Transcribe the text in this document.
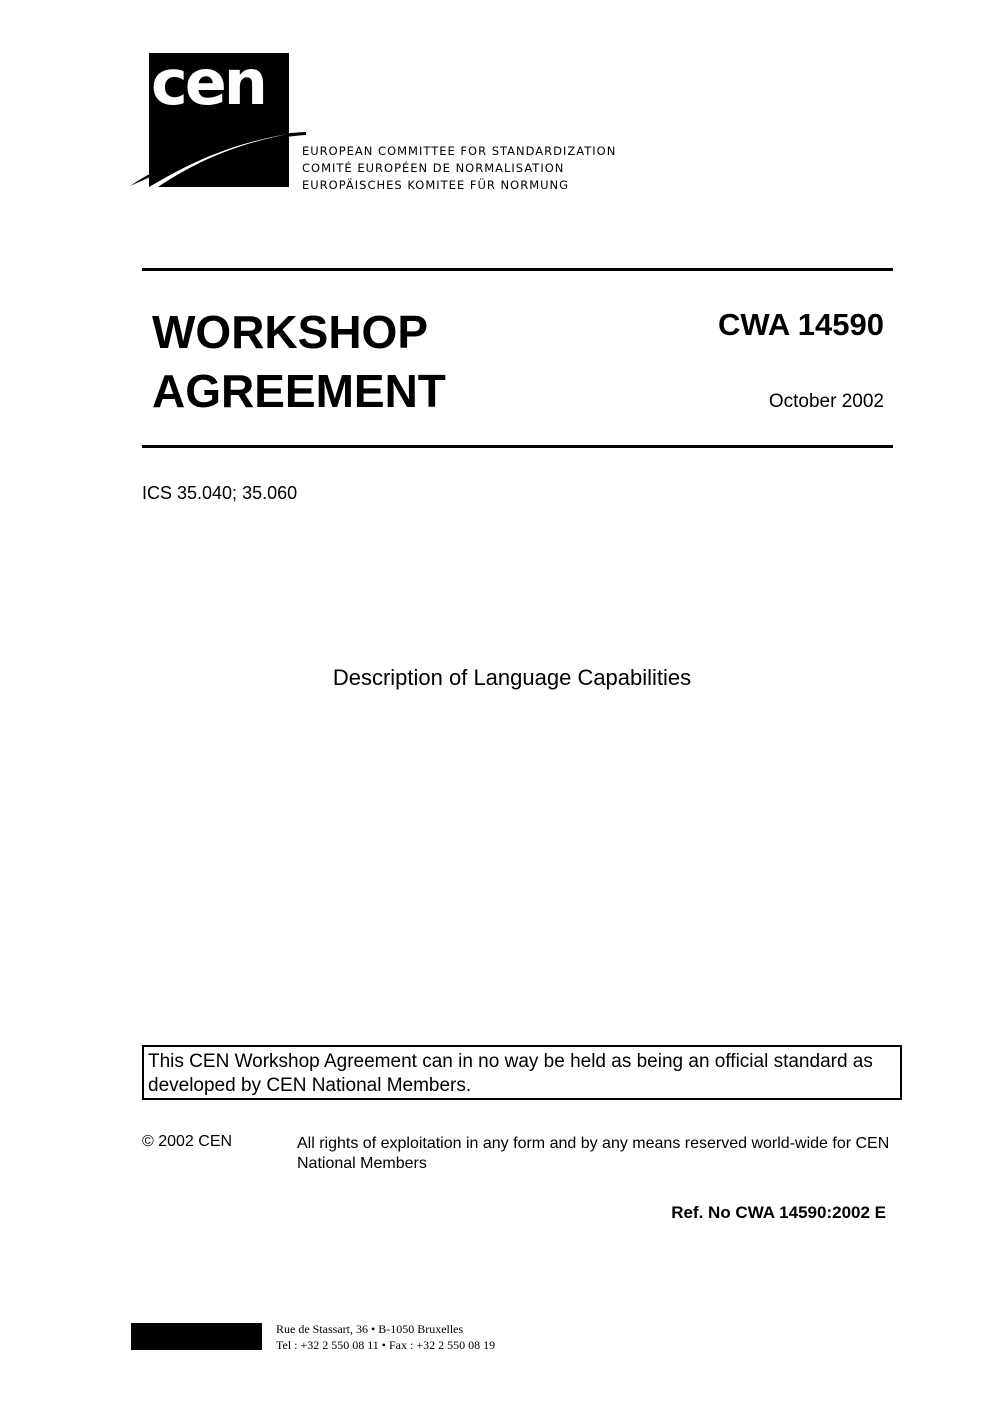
cen
EUROPEAN COMMITTEE FOR STANDARDIZATION
COMITÉ EUROPÉEN DE NORMALISATION
EUROPÄISCHES KOMITEE FÜR NORMUNG
WORKSHOP
AGREEMENT
CWA 14590
October 2002
ICS 35.040; 35.060
Description of Language Capabilities
This CEN Workshop Agreement can in no way be held as being an official standard as developed by CEN National Members.
© 2002 CEN	All rights of exploitation in any form and by any means reserved world-wide for CEN National Members
Ref. No CWA 14590:2002 E
Rue de Stassart, 36 • B-1050 Bruxelles
Tel : +32 2 550 08 11 • Fax : +32 2 550 08 19
